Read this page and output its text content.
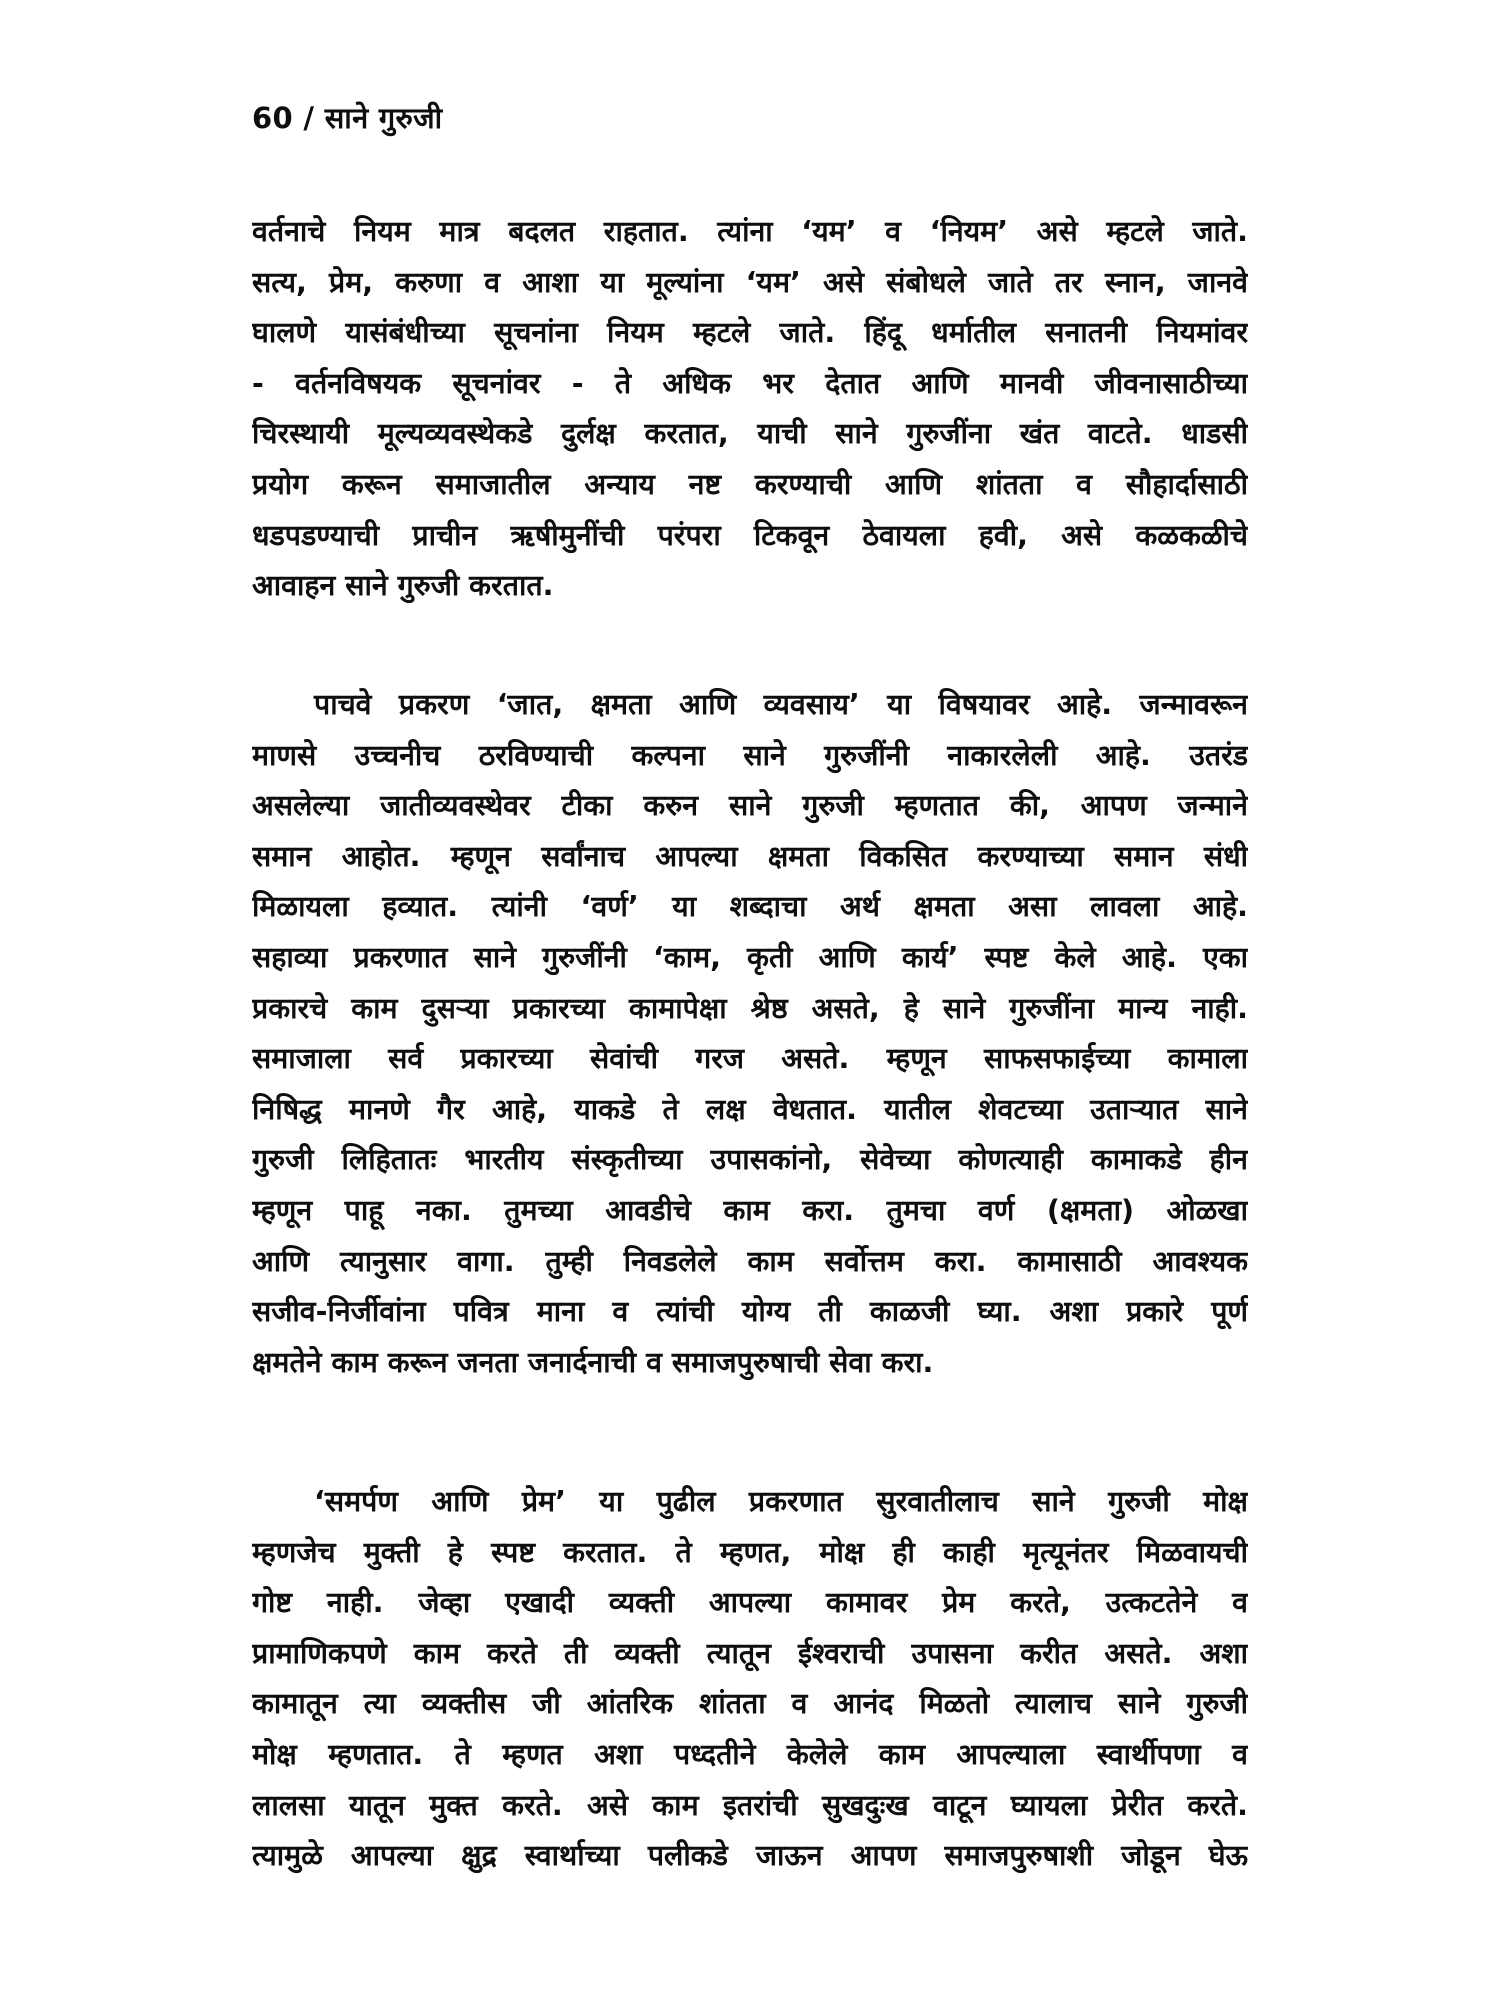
60 / साने गुरुजी
वर्तनाचे नियम मात्र बदलत राहतात. त्यांना ‘यम’ व ‘नियम’ असे म्हटले जाते.
सत्य, प्रेम, करुणा व आशा या मूल्यांना ‘यम’ असे संबोधले जाते तर स्नान, जानवे
घालणे यासंबंधीच्या सूचनांना नियम म्हटले जाते. हिंदू धर्मातील सनातनी नियमांवर
- वर्तनविषयक सूचनांवर - ते अधिक भर देतात आणि मानवी जीवनासाठीच्या
चिरस्थायी मूल्यव्यवस्थेकडे दुर्लक्ष करतात, याची साने गुरुजींना खंत वाटते. धाडसी
प्रयोग करून समाजातील अन्याय नष्ट करण्याची आणि शांतता व सौहार्दासाठी
धडपडण्याची प्राचीन ऋषीमुनींची परंपरा टिकवून ठेवायला हवी, असे कळकळीचे
आवाहन साने गुरुजी करतात.
पाचवे प्रकरण ‘जात, क्षमता आणि व्यवसाय’ या विषयावर आहे. जन्मावरून
माणसे उच्चनीच ठरविण्याची कल्पना साने गुरुजींनी नाकारलेली आहे. उतरंड
असलेल्या जातीव्यवस्थेवर टीका करुन साने गुरुजी म्हणतात की, आपण जन्माने
समान आहोत. म्हणून सर्वांनाच आपल्या क्षमता विकसित करण्याच्या समान संधी
मिळायला हव्यात. त्यांनी ‘वर्ण’ या शब्दाचा अर्थ क्षमता असा लावला आहे.
सहाव्या प्रकरणात साने गुरुजींनी ‘काम, कृती आणि कार्य’ स्पष्ट केले आहे. एका
प्रकारचे काम दुसऱ्या प्रकारच्या कामापेक्षा श्रेष्ठ असते, हे साने गुरुजींना मान्य नाही.
समाजाला सर्व प्रकारच्या सेवांची गरज असते. म्हणून साफसफाईच्या कामाला
निषिद्ध मानणे गैर आहे, याकडे ते लक्ष वेधतात. यातील शेवटच्या उताऱ्यात साने
गुरुजी लिहितातः भारतीय संस्कृतीच्या उपासकांनो, सेवेच्या कोणत्याही कामाकडे हीन
म्हणून पाहू नका. तुमच्या आवडीचे काम करा. तुमचा वर्ण (क्षमता) ओळखा
आणि त्यानुसार वागा. तुम्ही निवडलेले काम सर्वोत्तम करा. कामासाठी आवश्यक
सजीव-निर्जीवांना पवित्र माना व त्यांची योग्य ती काळजी घ्या. अशा प्रकारे पूर्ण
क्षमतेने काम करून जनता जनार्दनाची व समाजपुरुषाची सेवा करा.
‘समर्पण आणि प्रेम’ या पुढील प्रकरणात सुरवातीलाच साने गुरुजी मोक्ष
म्हणजेच मुक्ती हे स्पष्ट करतात. ते म्हणत, मोक्ष ही काही मृत्यूनंतर मिळवायची
गोष्ट नाही. जेव्हा एखादी व्यक्ती आपल्या कामावर प्रेम करते, उत्कटतेने व
प्रामाणिकपणे काम करते ती व्यक्ती त्यातून ईश्वराची उपासना करीत असते. अशा
कामातून त्या व्यक्तीस जी आंतरिक शांतता व आनंद मिळतो त्यालाच साने गुरुजी
मोक्ष म्हणतात. ते म्हणत अशा पध्दतीने केलेले काम आपल्याला स्वार्थीपणा व
लालसा यातून मुक्त करते. असे काम इतरांची सुखदुःख वाटून घ्यायला प्रेरीत करते.
त्यामुळे आपल्या क्षुद्र स्वार्थाच्या पलीकडे जाऊन आपण समाजपुरुषाशी जोडून घेऊ
